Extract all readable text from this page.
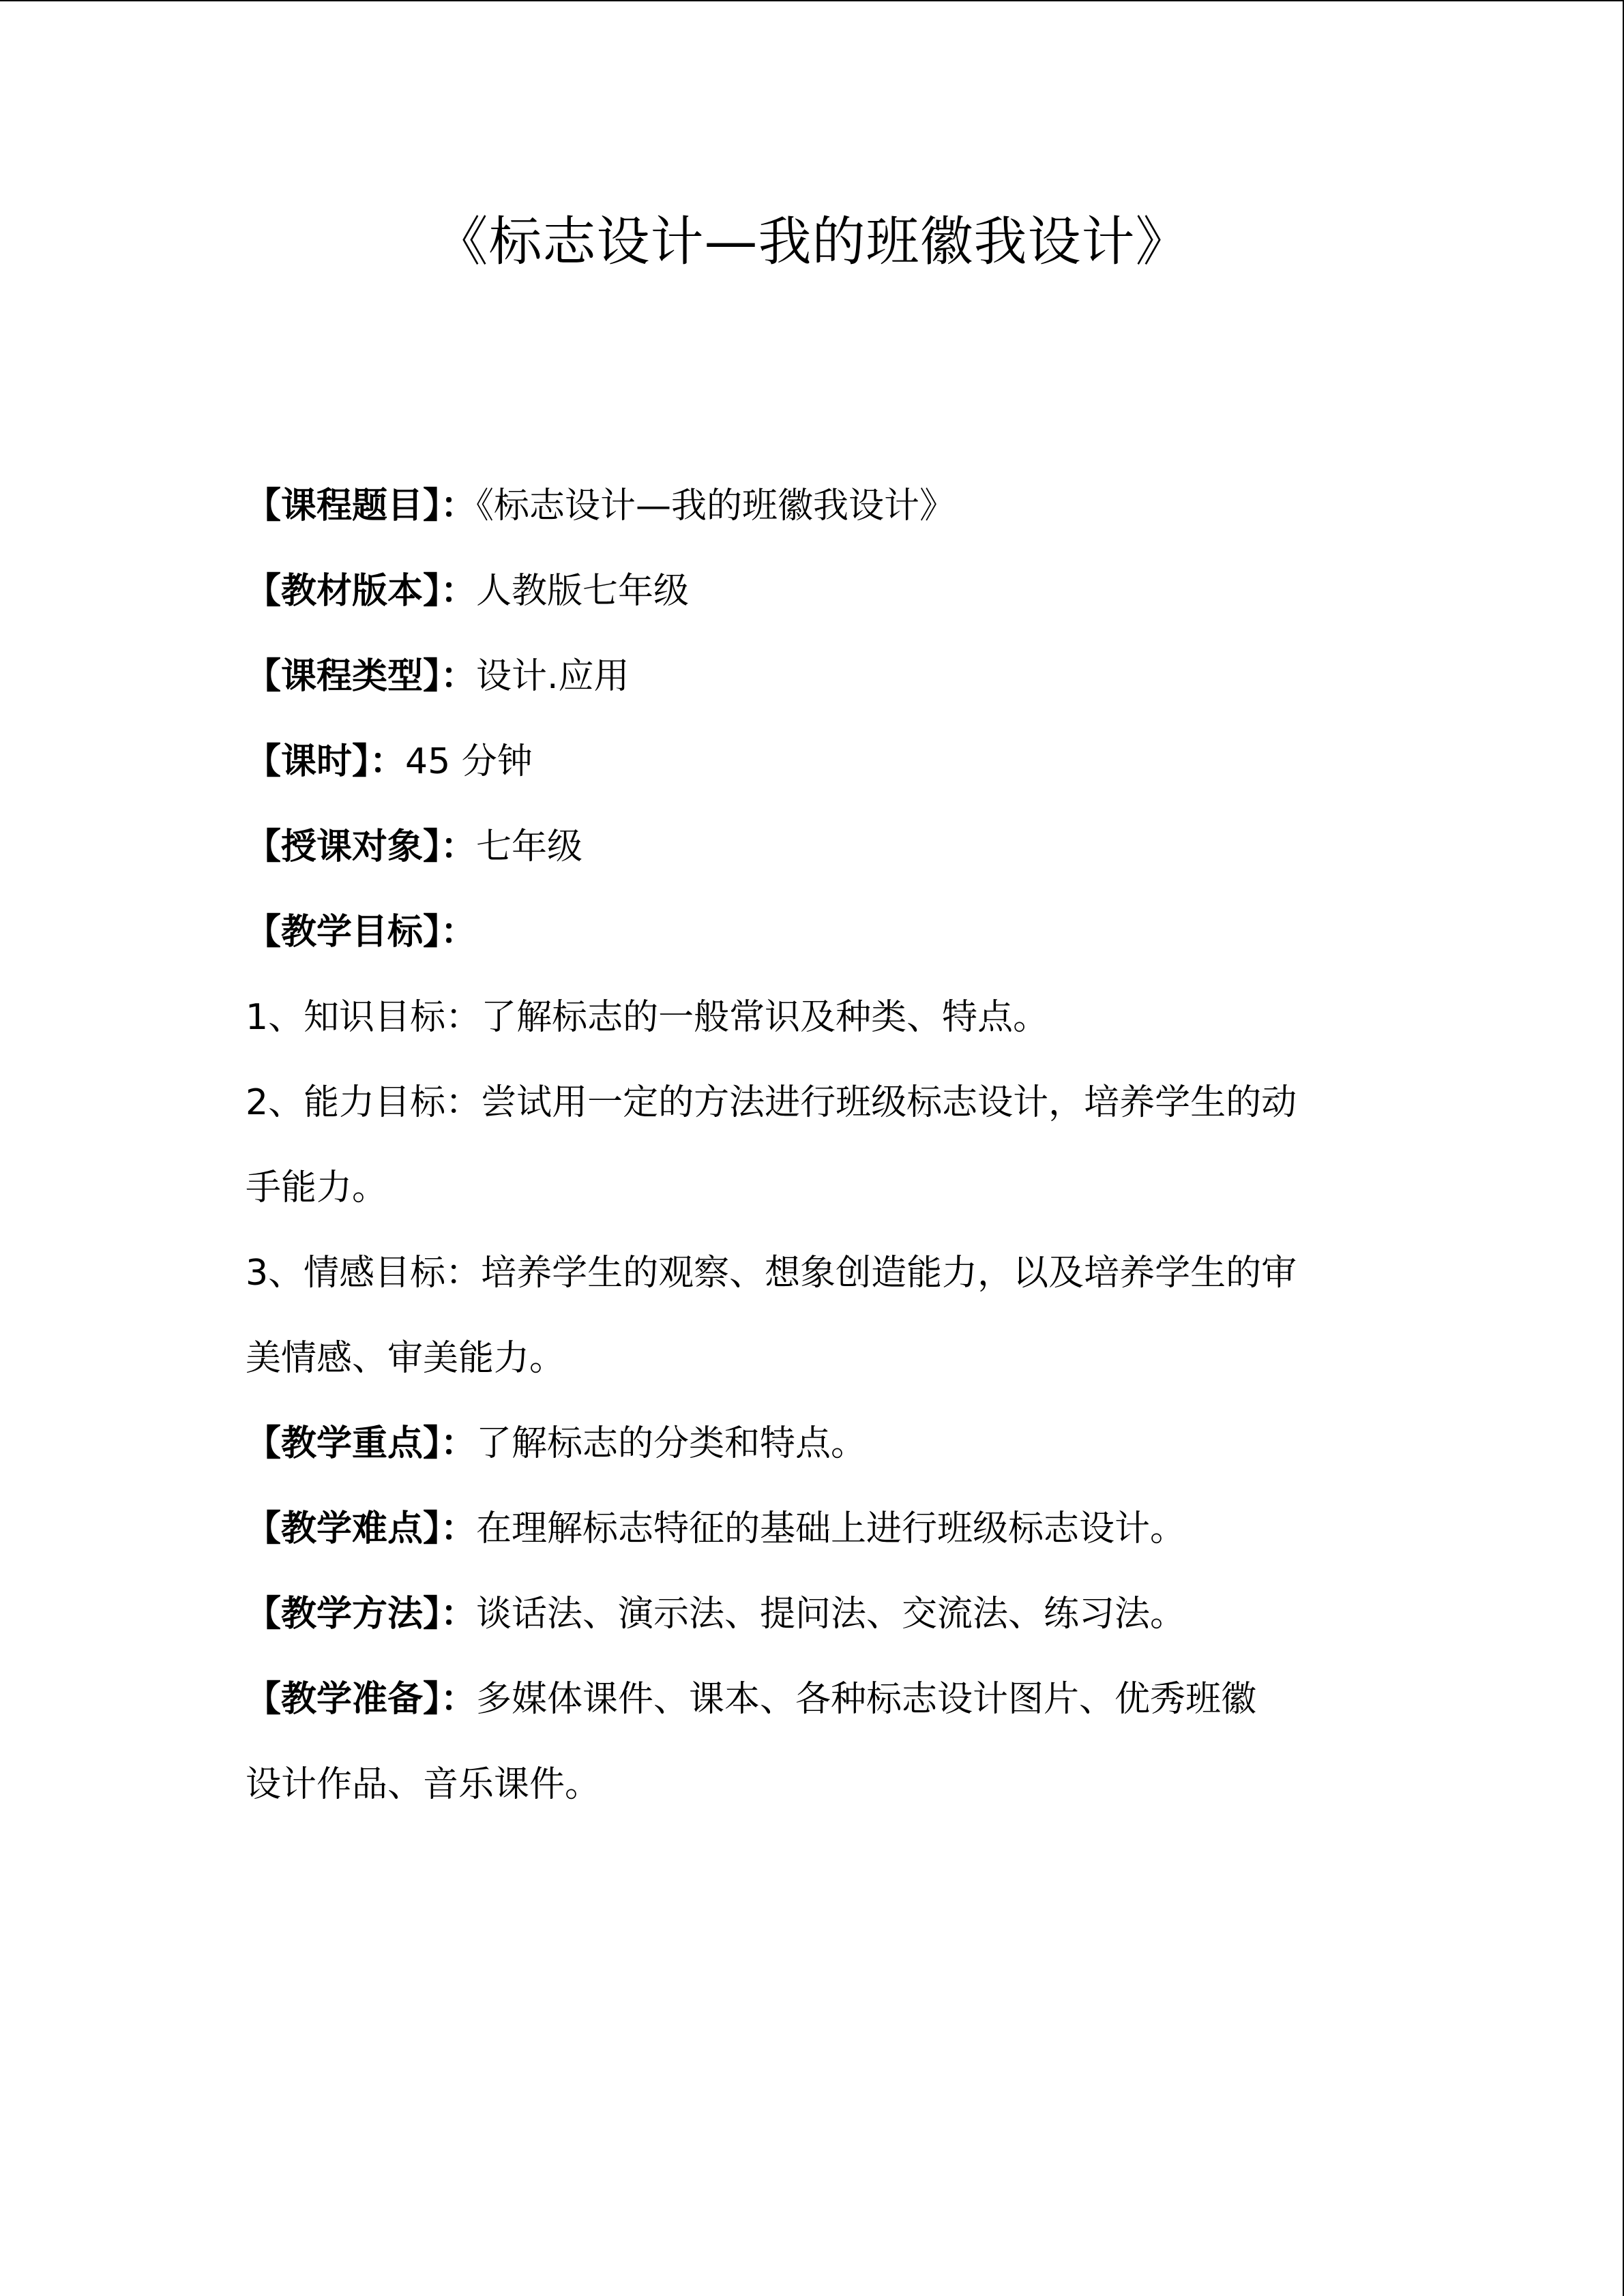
《标志设计—我的班徽我设计》
【课程题目】：《标志设计—我的班徽我设计》
【教材版本】：人教版七年级
【课程类型】：设计.应用
【课时】：45 分钟
【授课对象】：七年级
【教学目标】：
1、知识目标：了解标志的一般常识及种类、特点。
2、能力目标：尝试用一定的方法进行班级标志设计，培养学生的动
手能力。
3、情感目标：培养学生的观察、想象创造能力，以及培养学生的审
美情感、审美能力。
【教学重点】：了解标志的分类和特点。
【教学难点】：在理解标志特征的基础上进行班级标志设计。
【教学方法】：谈话法、演示法、提问法、交流法、练习法。
【教学准备】：多媒体课件、课本、各种标志设计图片、优秀班徽
设计作品、音乐课件。
